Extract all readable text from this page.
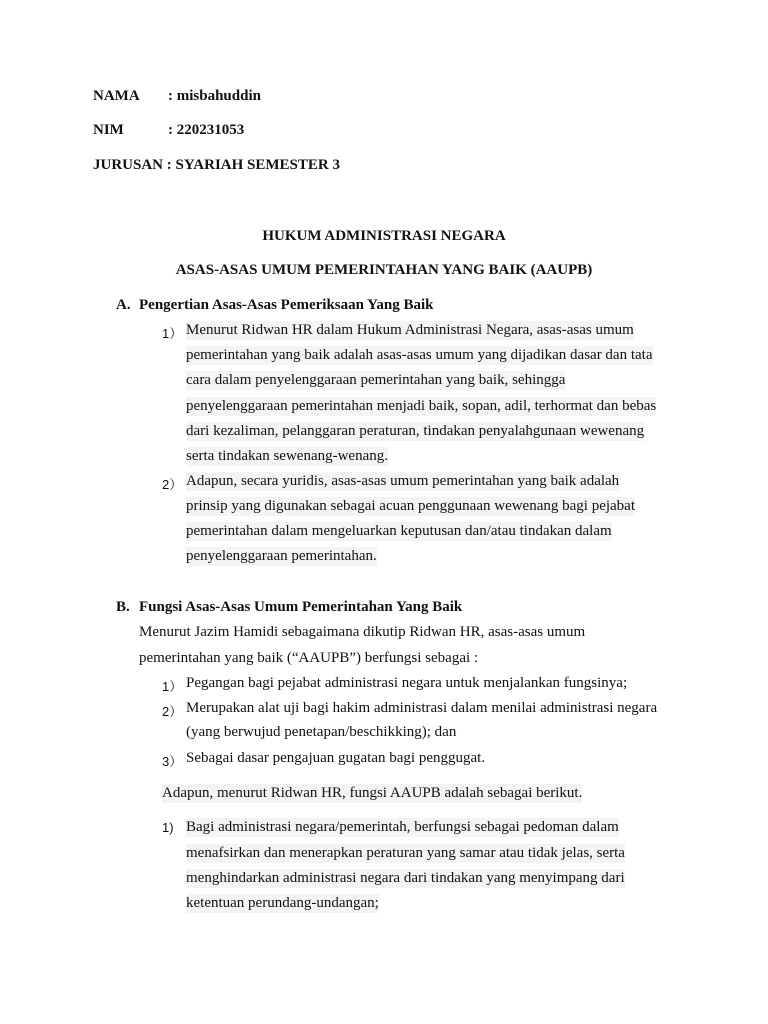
NAMA : misbahuddin
NIM	: 220231053
JURUSAN : SYARIAH SEMESTER 3
HUKUM ADMINISTRASI NEGARA
ASAS-ASAS UMUM PEMERINTAHAN YANG BAIK (AAUPB)
A. Pengertian Asas-Asas Pemeriksaan Yang Baik
1） Menurut Ridwan HR dalam Hukum Administrasi Negara, asas-asas umum
pemerintahan yang baik adalah asas-asas umum yang dijadikan dasar dan tata
cara dalam penyelenggaraan pemerintahan yang baik, sehingga
penyelenggaraan pemerintahan menjadi baik, sopan, adil, terhormat dan bebas
dari kezaliman, pelanggaran peraturan, tindakan penyalahgunaan wewenang
serta tindakan sewenang-wenang.
2） Adapun, secara yuridis, asas-asas umum pemerintahan yang baik adalah
prinsip yang digunakan sebagai acuan penggunaan wewenang bagi pejabat
pemerintahan dalam mengeluarkan keputusan dan/atau tindakan dalam
penyelenggaraan pemerintahan.
B. Fungsi Asas-Asas Umum Pemerintahan Yang Baik
Menurut Jazim Hamidi sebagaimana dikutip Ridwan HR, asas-asas umum
pemerintahan yang baik (“AAUPB”) berfungsi sebagai :
1） Pegangan bagi pejabat administrasi negara untuk menjalankan fungsinya;
2） Merupakan alat uji bagi hakim administrasi dalam menilai administrasi negara
(yang berwujud penetapan/beschikking); dan
3） Sebagai dasar pengajuan gugatan bagi penggugat.
Adapun, menurut Ridwan HR, fungsi AAUPB adalah sebagai berikut.
1) Bagi administrasi negara/pemerintah, berfungsi sebagai pedoman dalam
menafsirkan dan menerapkan peraturan yang samar atau tidak jelas, serta
menghindarkan administrasi negara dari tindakan yang menyimpang dari
ketentuan perundang-undangan;
